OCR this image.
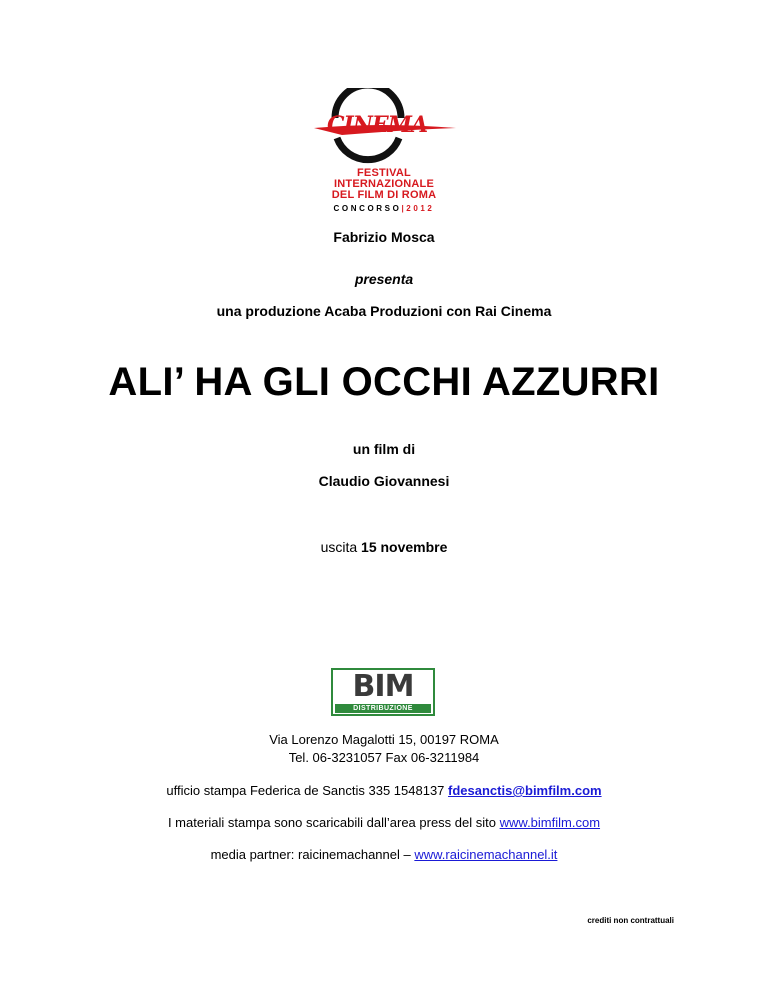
CINEMA
FESTIVAL
INTERNAZIONALE
DEL FILM DI ROMA
CONCORSO|2012
Fabrizio Mosca
presenta
una produzione Acaba Produzioni con Rai Cinema
ALI’ HA GLI OCCHI AZZURRI
un film di
Claudio Giovannesi
uscita 15 novembre
BIM
DISTRIBUZIONE
Via Lorenzo Magalotti 15, 00197 ROMA
Tel. 06-3231057 Fax 06-3211984
ufficio stampa Federica de Sanctis 335 1548137 fdesanctis@bimfilm.com
I materiali stampa sono scaricabili dall’area press del sito www.bimfilm.com
media partner: raicinemachannel – www.raicinemachannel.it
crediti non contrattuali
